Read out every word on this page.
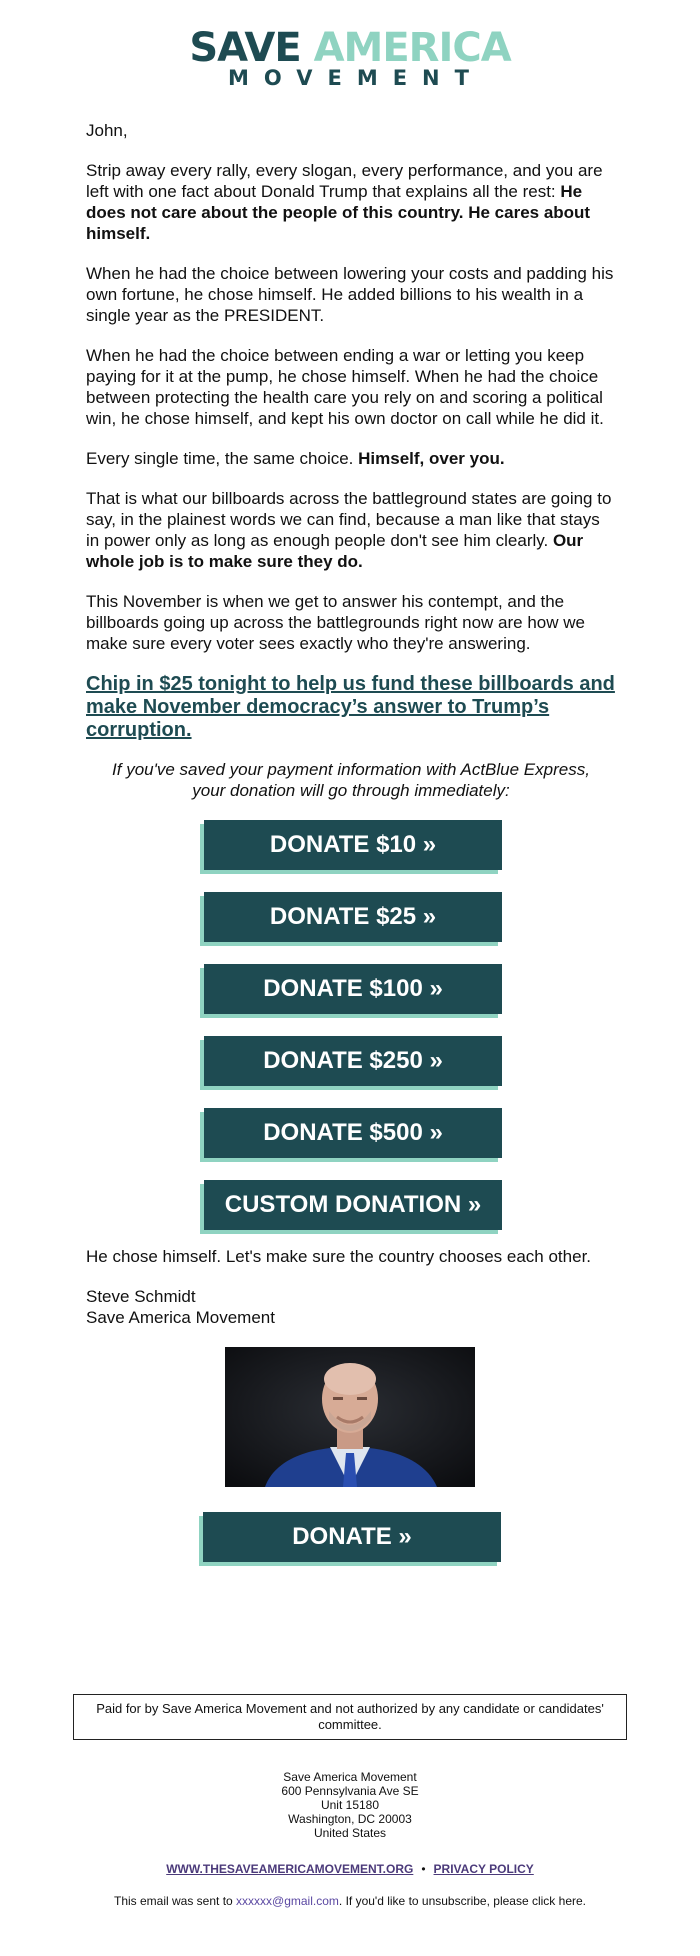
SAVE AMERICA
MOVEMENT

John,

Strip away every rally, every slogan, every performance, and you are left with one fact about Donald Trump that explains all the rest: He does not care about the people of this country. He cares about himself.

When he had the choice between lowering your costs and padding his own fortune, he chose himself. He added billions to his wealth in a single year as the PRESIDENT.

When he had the choice between ending a war or letting you keep paying for it at the pump, he chose himself. When he had the choice between protecting the health care you rely on and scoring a political win, he chose himself, and kept his own doctor on call while he did it.

Every single time, the same choice. Himself, over you.

That is what our billboards across the battleground states are going to say, in the plainest words we can find, because a man like that stays in power only as long as enough people don't see him clearly. Our whole job is to make sure they do.

This November is when we get to answer his contempt, and the billboards going up across the battlegrounds right now are how we make sure every voter sees exactly who they're answering.

Chip in $25 tonight to help us fund these billboards and make November democracy’s answer to Trump’s corruption.

If you've saved your payment information with ActBlue Express, your donation will go through immediately:

DONATE $10 »
DONATE $25 »
DONATE $100 »
DONATE $250 »
DONATE $500 »
CUSTOM DONATION »

He chose himself. Let's make sure the country chooses each other.

Steve Schmidt
Save America Movement

DONATE »
Paid for by Save America Movement and not authorized by any candidate or candidates' committee.
Save America Movement
600 Pennsylvania Ave SE
Unit 15180
Washington, DC 20003
United States
WWW.THESAVEAMERICAMOVEMENT.ORG • PRIVACY POLICY
This email was sent to xxxxxx@gmail.com. If you'd like to unsubscribe, please click here.
